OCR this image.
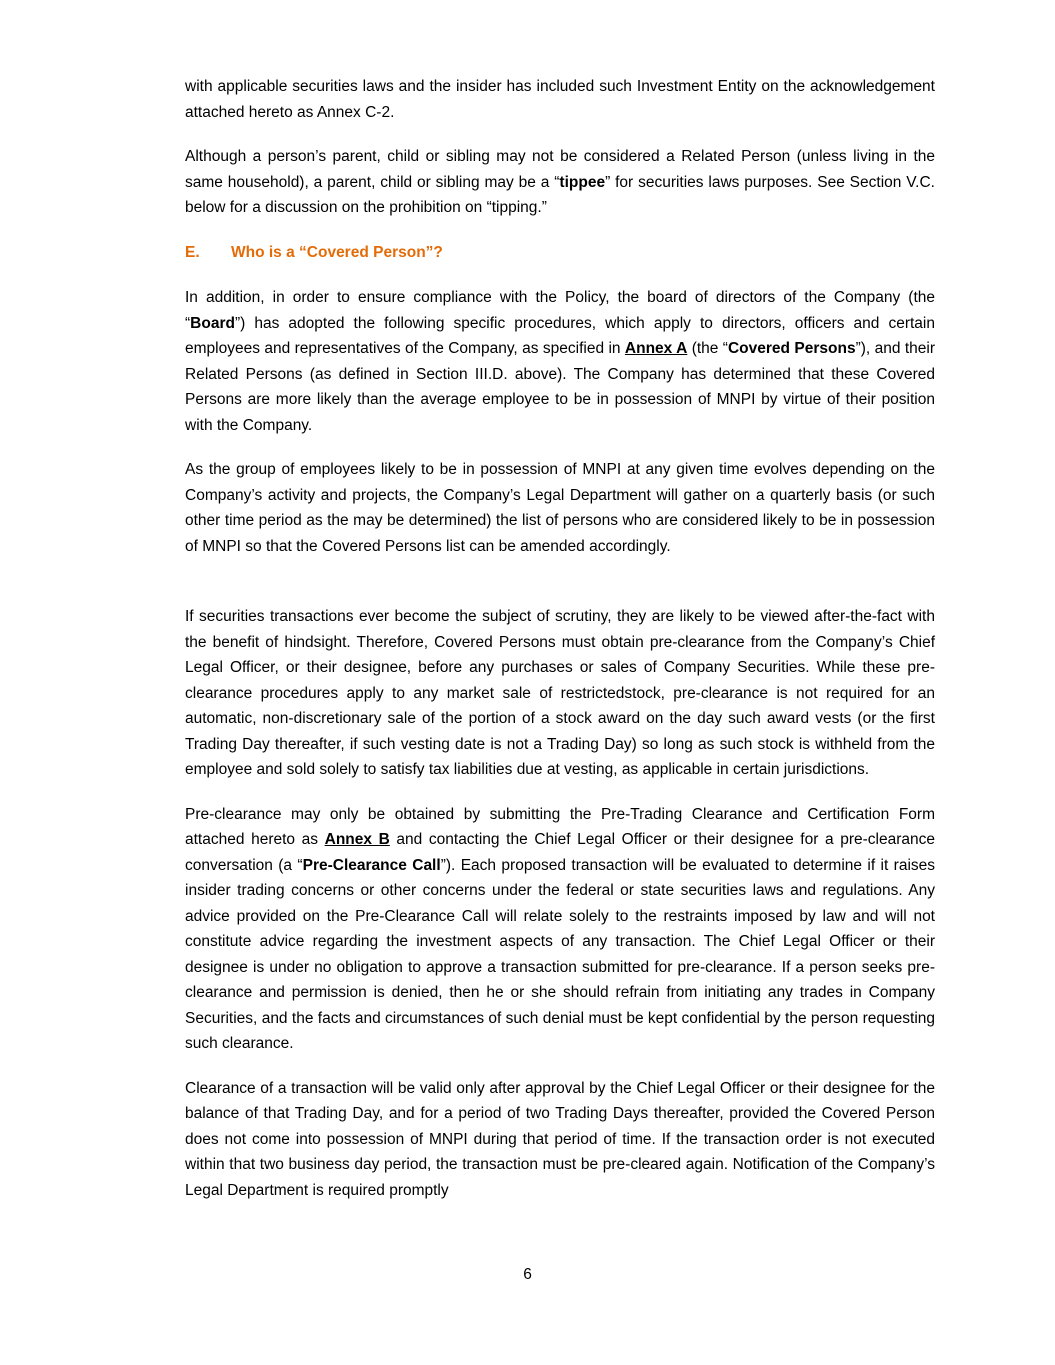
with applicable securities laws and the insider has included such Investment Entity on the acknowledgement attached hereto as Annex C-2.

Although a person’s parent, child or sibling may not be considered a Related Person (unless living in the same household), a parent, child or sibling may be a “tippee” for securities laws purposes. See Section V.C. below for a discussion on the prohibition on “tipping.”

E. Who is a “Covered Person”?

In addition, in order to ensure compliance with the Policy, the board of directors of the Company (the “Board”) has adopted the following specific procedures, which apply to directors, officers and certain employees and representatives of the Company, as specified in Annex A (the “Covered Persons”), and their Related Persons (as defined in Section III.D. above). The Company has determined that these Covered Persons are more likely than the average employee to be in possession of MNPI by virtue of their position with the Company.

As the group of employees likely to be in possession of MNPI at any given time evolves depending on the Company’s activity and projects, the Company’s Legal Department will gather on a quarterly basis (or such other time period as the may be determined) the list of persons who are considered likely to be in possession of MNPI so that the Covered Persons list can be amended accordingly.

If securities transactions ever become the subject of scrutiny, they are likely to be viewed after-the-fact with the benefit of hindsight. Therefore, Covered Persons must obtain pre-clearance from the Company’s Chief Legal Officer, or their designee, before any purchases or sales of Company Securities. While these pre-clearance procedures apply to any market sale of restrictedstock, pre-clearance is not required for an automatic, non-discretionary sale of the portion of a stock award on the day such award vests (or the first Trading Day thereafter, if such vesting date is not a Trading Day) so long as such stock is withheld from the employee and sold solely to satisfy tax liabilities due at vesting, as applicable in certain jurisdictions.

Pre-clearance may only be obtained by submitting the Pre-Trading Clearance and Certification Form attached hereto as Annex B and contacting the Chief Legal Officer or their designee for a pre-clearance conversation (a “Pre-Clearance Call”). Each proposed transaction will be evaluated to determine if it raises insider trading concerns or other concerns under the federal or state securities laws and regulations. Any advice provided on the Pre-Clearance Call will relate solely to the restraints imposed by law and will not constitute advice regarding the investment aspects of any transaction. The Chief Legal Officer or their designee is under no obligation to approve a transaction submitted for pre-clearance. If a person seeks pre-clearance and permission is denied, then he or she should refrain from initiating any trades in Company Securities, and the facts and circumstances of such denial must be kept confidential by the person requesting such clearance.

Clearance of a transaction will be valid only after approval by the Chief Legal Officer or their designee for the balance of that Trading Day, and for a period of two Trading Days thereafter, provided the Covered Person does not come into possession of MNPI during that period of time. If the transaction order is not executed within that two business day period, the transaction must be pre-cleared again. Notification of the Company’s Legal Department is required promptly

6
